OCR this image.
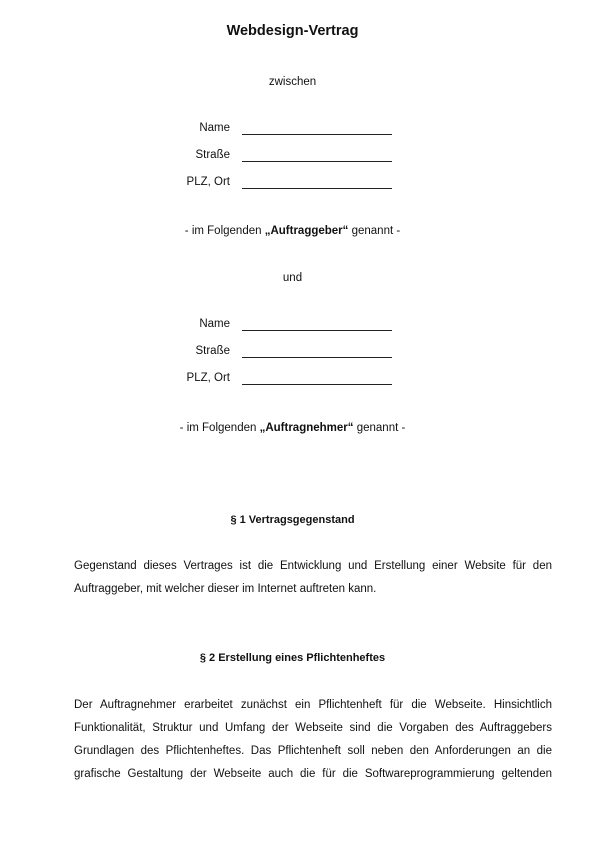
Webdesign-Vertrag
zwischen
Name
Straße
PLZ, Ort
- im Folgenden „Auftraggeber“ genannt -
und
Name
Straße
PLZ, Ort
- im Folgenden „Auftragnehmer“ genannt -
§ 1 Vertragsgegenstand
Gegenstand dieses Vertrages ist die Entwicklung und Erstellung einer Website für den
Auftraggeber, mit welcher dieser im Internet auftreten kann.
§ 2 Erstellung eines Pflichtenheftes
Der Auftragnehmer erarbeitet zunächst ein Pflichtenheft für die Webseite. Hinsichtlich
Funktionalität, Struktur und Umfang der Webseite sind die Vorgaben des Auftraggebers
Grundlagen des Pflichtenheftes. Das Pflichtenheft soll neben den Anforderungen an die
grafische Gestaltung der Webseite auch die für die Softwareprogrammierung geltenden
